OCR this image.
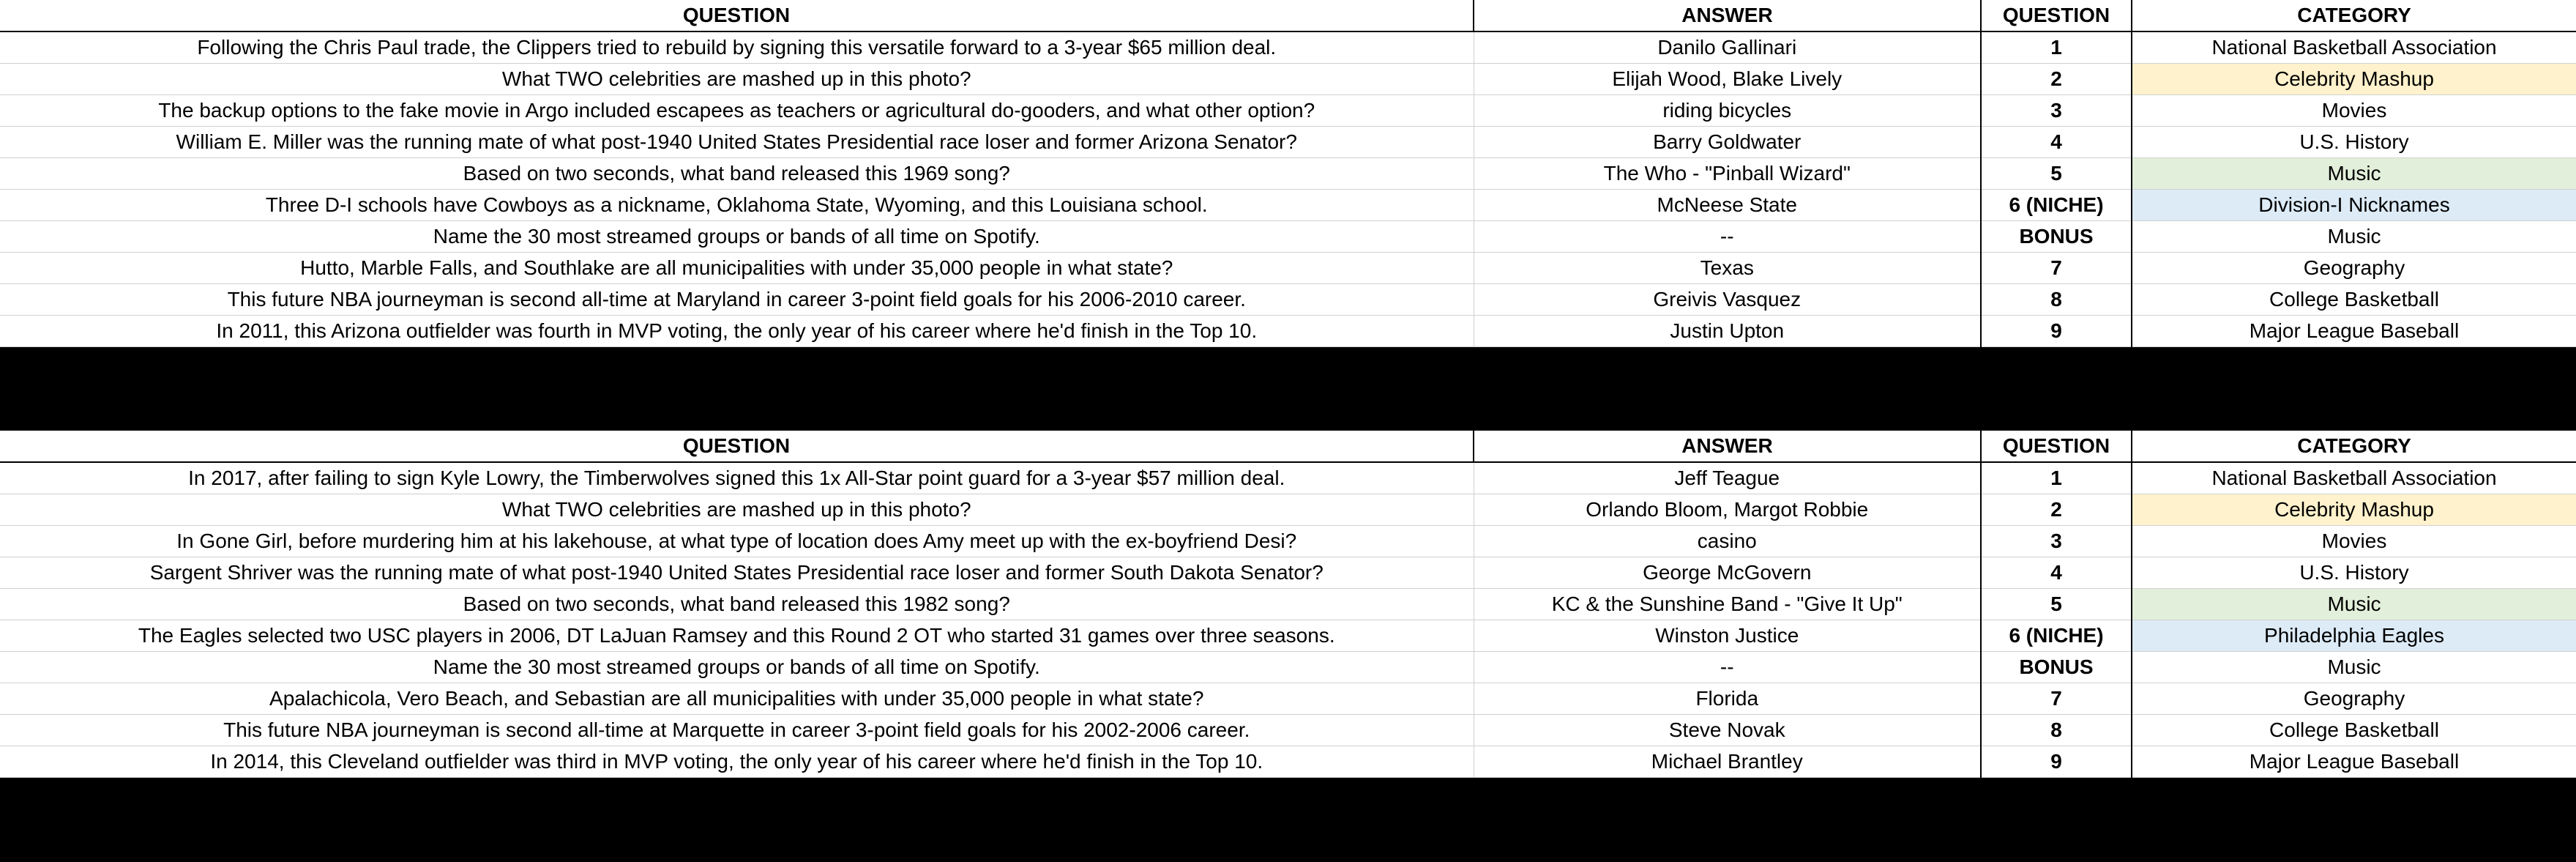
QUESTION	ANSWER	QUESTION	CATEGORY
Following the Chris Paul trade, the Clippers tried to rebuild by signing this versatile forward to a 3-year $65 million deal.	Danilo Gallinari	1	National Basketball Association
What TWO celebrities are mashed up in this photo?	Elijah Wood, Blake Lively	2	Celebrity Mashup
The backup options to the fake movie in Argo included escapees as teachers or agricultural do-gooders, and what other option?	riding bicycles	3	Movies
William E. Miller was the running mate of what post-1940 United States Presidential race loser and former Arizona Senator?	Barry Goldwater	4	U.S. History
Based on two seconds, what band released this 1969 song?	The Who - "Pinball Wizard"	5	Music
Three D-I schools have Cowboys as a nickname, Oklahoma State, Wyoming, and this Louisiana school.	McNeese State	6 (NICHE)	Division-I Nicknames
Name the 30 most streamed groups or bands of all time on Spotify.	--	BONUS	Music
Hutto, Marble Falls, and Southlake are all municipalities with under 35,000 people in what state?	Texas	7	Geography
This future NBA journeyman is second all-time at Maryland in career 3-point field goals for his 2006-2010 career.	Greivis Vasquez	8	College Basketball
In 2011, this Arizona outfielder was fourth in MVP voting, the only year of his career where he'd finish in the Top 10.	Justin Upton	9	Major League Baseball
QUESTION	ANSWER	QUESTION	CATEGORY
In 2017, after failing to sign Kyle Lowry, the Timberwolves signed this 1x All-Star point guard for a 3-year $57 million deal.	Jeff Teague	1	National Basketball Association
What TWO celebrities are mashed up in this photo?	Orlando Bloom, Margot Robbie	2	Celebrity Mashup
In Gone Girl, before murdering him at his lakehouse, at what type of location does Amy meet up with the ex-boyfriend Desi?	casino	3	Movies
Sargent Shriver was the running mate of what post-1940 United States Presidential race loser and former South Dakota Senator?	George McGovern	4	U.S. History
Based on two seconds, what band released this 1982 song?	KC & the Sunshine Band - "Give It Up"	5	Music
The Eagles selected two USC players in 2006, DT LaJuan Ramsey and this Round 2 OT who started 31 games over three seasons.	Winston Justice	6 (NICHE)	Philadelphia Eagles
Name the 30 most streamed groups or bands of all time on Spotify.	--	BONUS	Music
Apalachicola, Vero Beach, and Sebastian are all municipalities with under 35,000 people in what state?	Florida	7	Geography
This future NBA journeyman is second all-time at Marquette in career 3-point field goals for his 2002-2006 career.	Steve Novak	8	College Basketball
In 2014, this Cleveland outfielder was third in MVP voting, the only year of his career where he'd finish in the Top 10.	Michael Brantley	9	Major League Baseball
